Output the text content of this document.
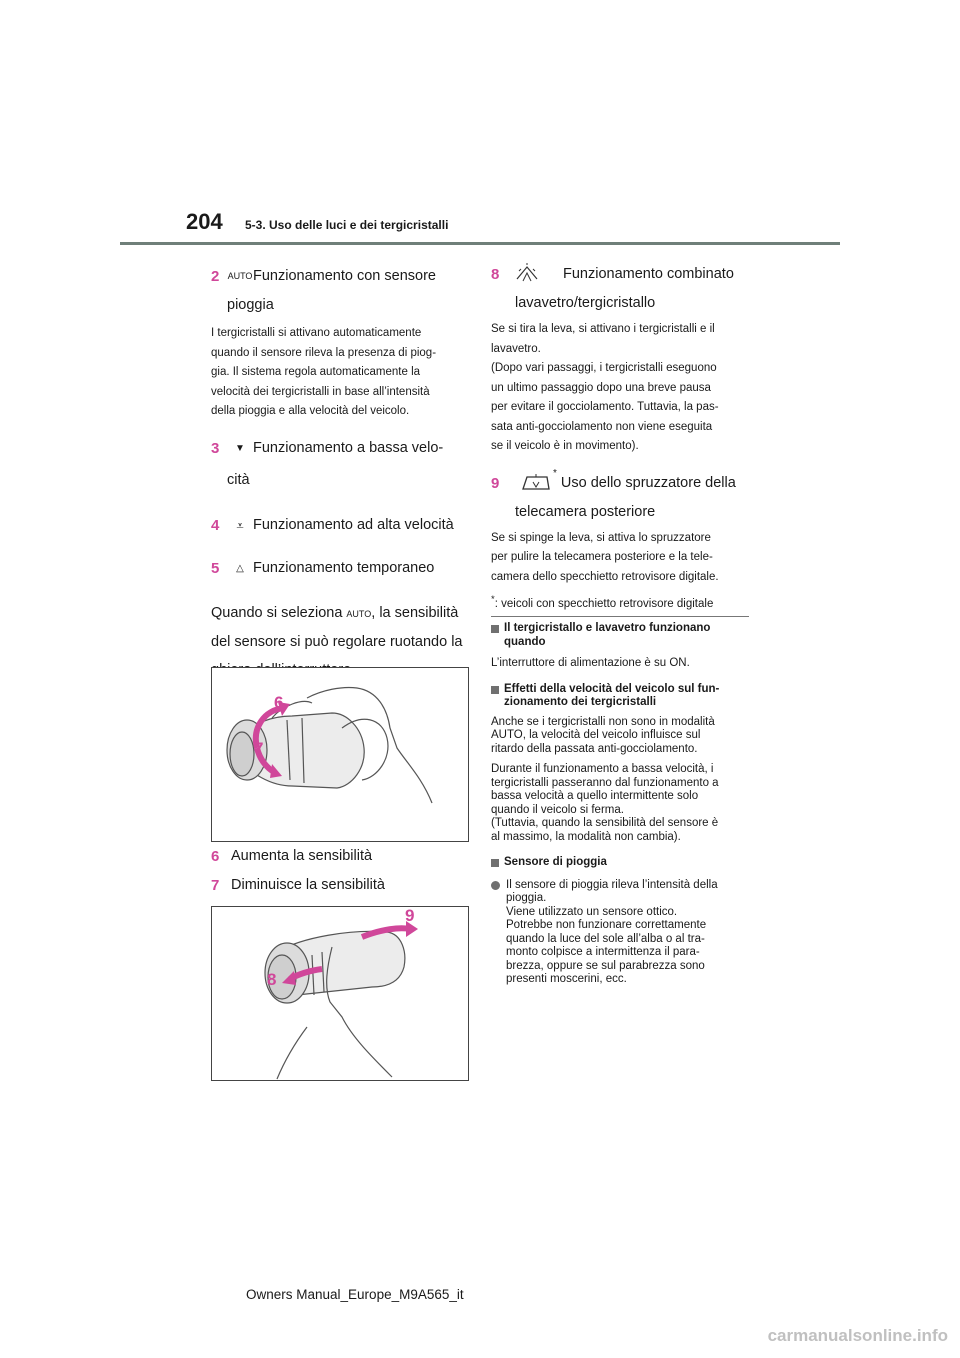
204 5-3. Uso delle luci e dei tergicristalli
2 AUTO Funzionamento con sensore
pioggia

I tergicristalli si attivano automaticamente

quando il sensore rileva la presenza di piog-

gia. Il sistema regola automaticamente la

velocità dei tergicristalli in base all’intensità

della pioggia e alla velocità del veicolo.

3	▼ Funzionamento a bassa velo-
cità
4	⩡ Funzionamento ad alta velocità
5	△ Funzionamento temporaneo
Quando si seleziona AUTO, la sensibilità
del sensore si può regolare ruotando la
6
7
6 Aumenta la sensibilità
7 Diminuisce la sensibilità
9
8
8	Funzionamento combinato
lavavetro/tergicristallo

Se si tira la leva, si attivano i tergicristalli e il

lavavetro.

(Dopo vari passaggi, i tergicristalli eseguono

un ultimo passaggio dopo una breve pausa

per evitare il gocciolamento. Tuttavia, la pas-

sata anti-gocciolamento non viene eseguita

se il veicolo è in movimento).

9
*
Uso dello spruzzatore della
telecamera posteriore

Se si spinge la leva, si attiva lo spruzzatore

per pulire la telecamera posteriore e la tele-

camera dello specchietto retrovisore digitale.

*: veicoli con specchietto retrovisore digitale

Il tergicristallo e lavavetro funzionano
quando

L’interruttore di alimentazione è su ON.

Effetti della velocità del veicolo sul fun-
zionamento dei tergicristalli

Anche se i tergicristalli non sono in modalità

AUTO, la velocità del veicolo influisce sul

ritardo della passata anti-gocciolamento.

Durante il funzionamento a bassa velocità, i

tergicristalli passeranno dal funzionamento a

bassa velocità a quello intermittente solo

quando il veicolo si ferma.

(Tuttavia, quando la sensibilità del sensore è

al massimo, la modalità non cambia).

Sensore di pioggia

Il sensore di pioggia rileva l’intensità della

pioggia.

Viene utilizzato un sensore ottico.

Potrebbe non funzionare correttamente

quando la luce del sole all’alba o al tra-

monto colpisce a intermittenza il para-

brezza, oppure se sul parabrezza sono

presenti moscerini, ecc.

Owners Manual_Europe_M9A565_it
carmanualsonline.info
